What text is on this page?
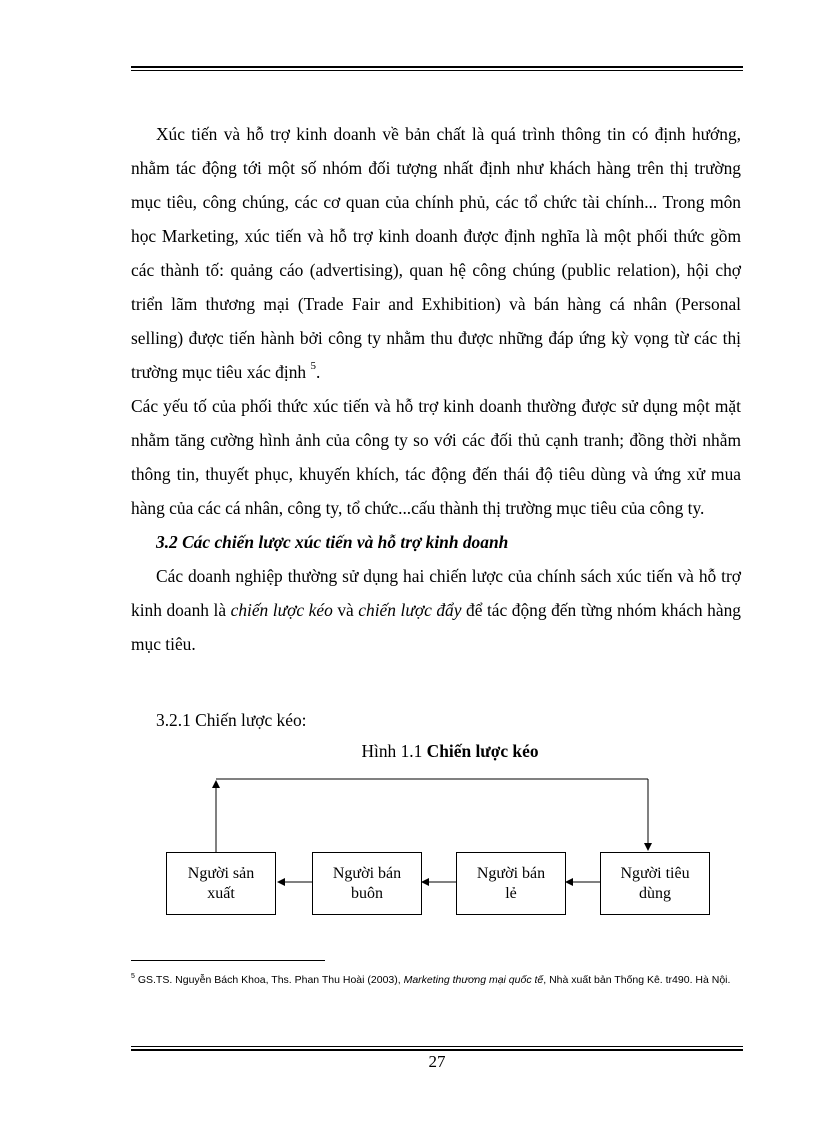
Xúc tiến và hỗ trợ kinh doanh về bản chất là quá trình thông tin có định hướng, nhằm tác động tới một số nhóm đối tượng nhất định như khách hàng trên thị trường mục tiêu, công chúng, các cơ quan của chính phủ, các tổ chức tài chính... Trong môn học Marketing, xúc tiến và hỗ trợ kinh doanh được định nghĩa là một phối thức gồm các thành tố: quảng cáo (advertising), quan hệ công chúng (public relation), hội chợ triển lãm thương mại (Trade Fair and Exhibition) và bán hàng cá nhân (Personal selling) được tiến hành bởi công ty nhằm thu được những đáp ứng kỳ vọng từ các thị trường mục tiêu xác định $^5$.

Các yếu tố của phối thức xúc tiến và hỗ trợ kinh doanh thường được sử dụng một mặt nhằm tăng cường hình ảnh của công ty so với các đối thủ cạnh tranh; đồng thời nhằm thông tin, thuyết phục, khuyến khích, tác động đến thái độ tiêu dùng và ứng xử mua hàng của các cá nhân, công ty, tổ chức...cấu thành thị trường mục tiêu của công ty.

3.2 Các chiến lược xúc tiến và hỗ trợ kinh doanh

Các doanh nghiệp thường sử dụng hai chiến lược của chính sách xúc tiến và hỗ trợ kinh doanh là chiến lược kéo và chiến lược đẩy để tác động đến từng nhóm khách hàng mục tiêu.

3.2.1 Chiến lược kéo:
Hình 1.1 Chiến lược kéo
Người sản
xuất
Người bán
buôn
Người bán
lẻ
Người tiêu
dùng
$^5$ GS.TS. Nguyễn Bách Khoa, Ths. Phan Thu Hoài (2003), Marketing thương mại quốc tế, Nhà xuất bản Thống Kê. tr490. Hà Nội.
27
